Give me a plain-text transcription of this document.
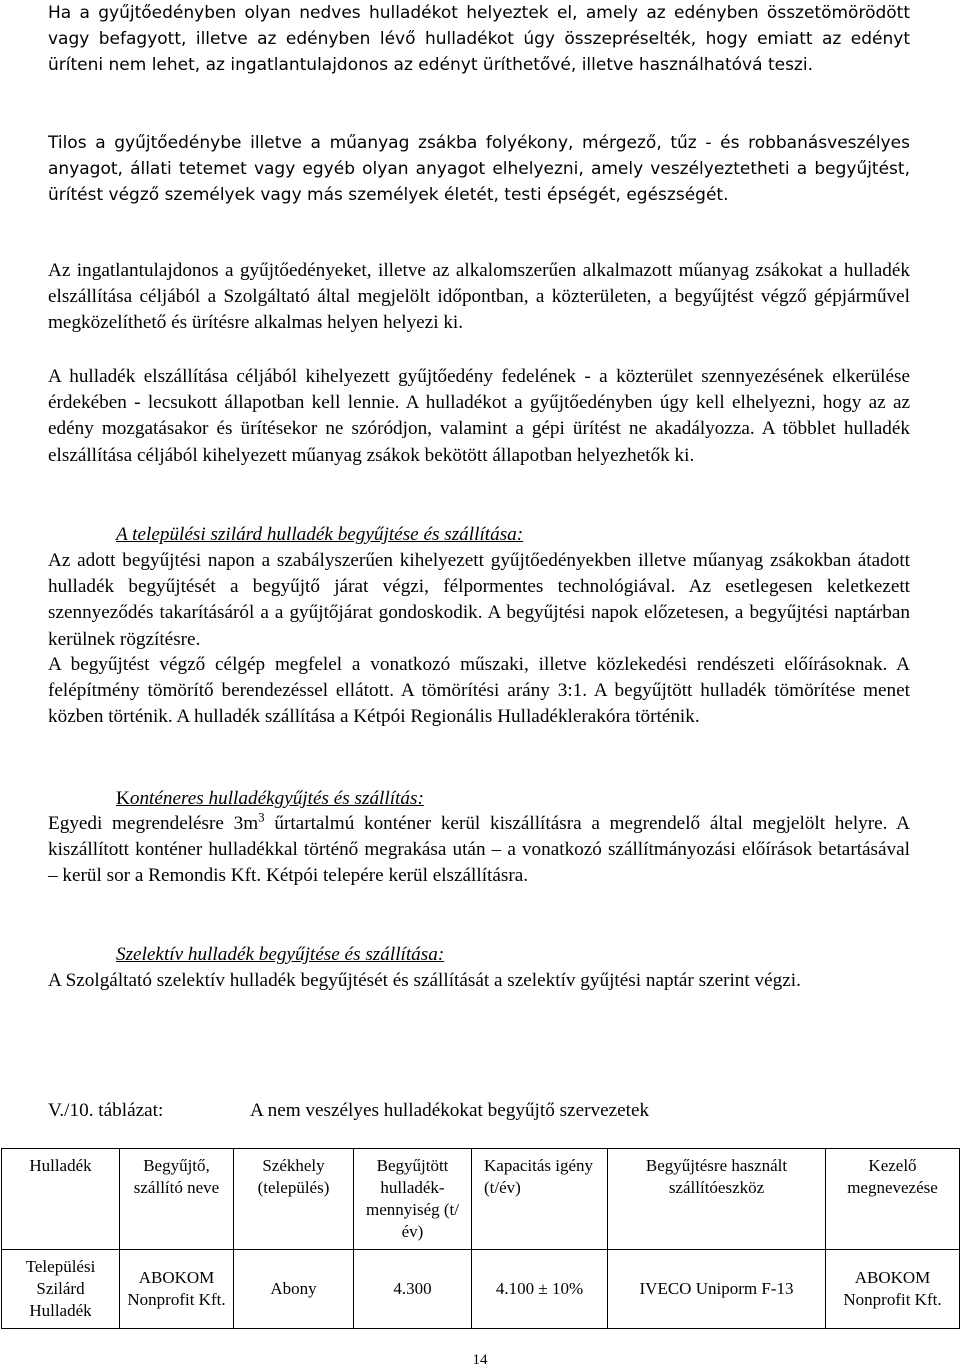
Ha a gyűjtőedényben olyan nedves hulladékot helyeztek el, amely az edényben összetömörödött vagy befagyott, illetve az edényben lévő hulladékot úgy összepréselték, hogy emiatt az edényt üríteni nem lehet, az ingatlantulajdonos az edényt üríthetővé, illetve használhatóvá teszi.

Tilos a gyűjtőedénybe illetve a műanyag zsákba folyékony, mérgező, tűz - és robbanásveszélyes anyagot, állati tetemet vagy egyéb olyan anyagot elhelyezni, amely veszélyeztetheti a begyűjtést, ürítést végző személyek vagy más személyek életét, testi épségét, egészségét.

Az ingatlantulajdonos a gyűjtőedényeket, illetve az alkalomszerűen alkalmazott műanyag zsákokat a hulladék elszállítása céljából a Szolgáltató által megjelölt időpontban, a közterületen, a begyűjtést végző gépjárművel megközelíthető és ürítésre alkalmas helyen helyezi ki.

A hulladék elszállítása céljából kihelyezett gyűjtőedény fedelének - a közterület szennyezésének elkerülése érdekében - lecsukott állapotban kell lennie. A hulladékot a gyűjtőedényben úgy kell elhelyezni, hogy az az edény mozgatásakor és ürítésekor ne szóródjon, valamint a gépi ürítést ne akadályozza. A többlet hulladék elszállítása céljából kihelyezett műanyag zsákok bekötött állapotban helyezhetők ki.

A települési szilárd hulladék begyűjtése és szállítása:

Az adott begyűjtési napon a szabályszerűen kihelyezett gyűjtőedényekben illetve műanyag zsákokban átadott hulladék begyűjtését a begyűjtő járat végzi, félpormentes technológiával. Az esetlegesen keletkezett szennyeződés takarításáról a a gyűjtőjárat gondoskodik. A begyűjtési napok előzetesen, a begyűjtési naptárban kerülnek rögzítésre.

A begyűjtést végző célgép megfelel a vonatkozó műszaki, illetve közlekedési rendészeti előírásoknak. A felépítmény tömörítő berendezéssel ellátott. A tömörítési arány 3:1. A begyűjtött hulladék tömörítése menet közben történik. A hulladék szállítása a Kétpói Regionális Hulladéklerakóra történik.

Konténeres hulladékgyűjtés és szállítás:

Egyedi megrendelésre $3m^3$ űrtartalmú konténer kerül kiszállításra a megrendelő által megjelölt helyre. A kiszállított konténer hulladékkal történő megrakása után – a vonatkozó szállítmányozási előírások betartásával – kerül sor a Remondis Kft. Kétpói telepére kerül elszállításra.

Szelektív hulladék begyűjtése és szállítása:

A Szolgáltató szelektív hulladék begyűjtését és szállítását a szelektív gyűjtési naptár szerint végzi.

V./10. táblázat:	A nem veszélyes hulladékokat begyűjtő szervezetek

Hulladék	Begyűjtő, szállító neve	Székhely (település)	Begyűjtött hulladék-mennyiség (t/év)	Kapacitás igény (t/év)	Begyűjtésre használt szállítóeszköz	Kezelő megnevezése
Települési Szilárd Hulladék	ABOKOM Nonprofit Kft.	Abony	4.300	4.100 ± 10%	IVECO Uniporm F-13	ABOKOM Nonprofit Kft.

14
